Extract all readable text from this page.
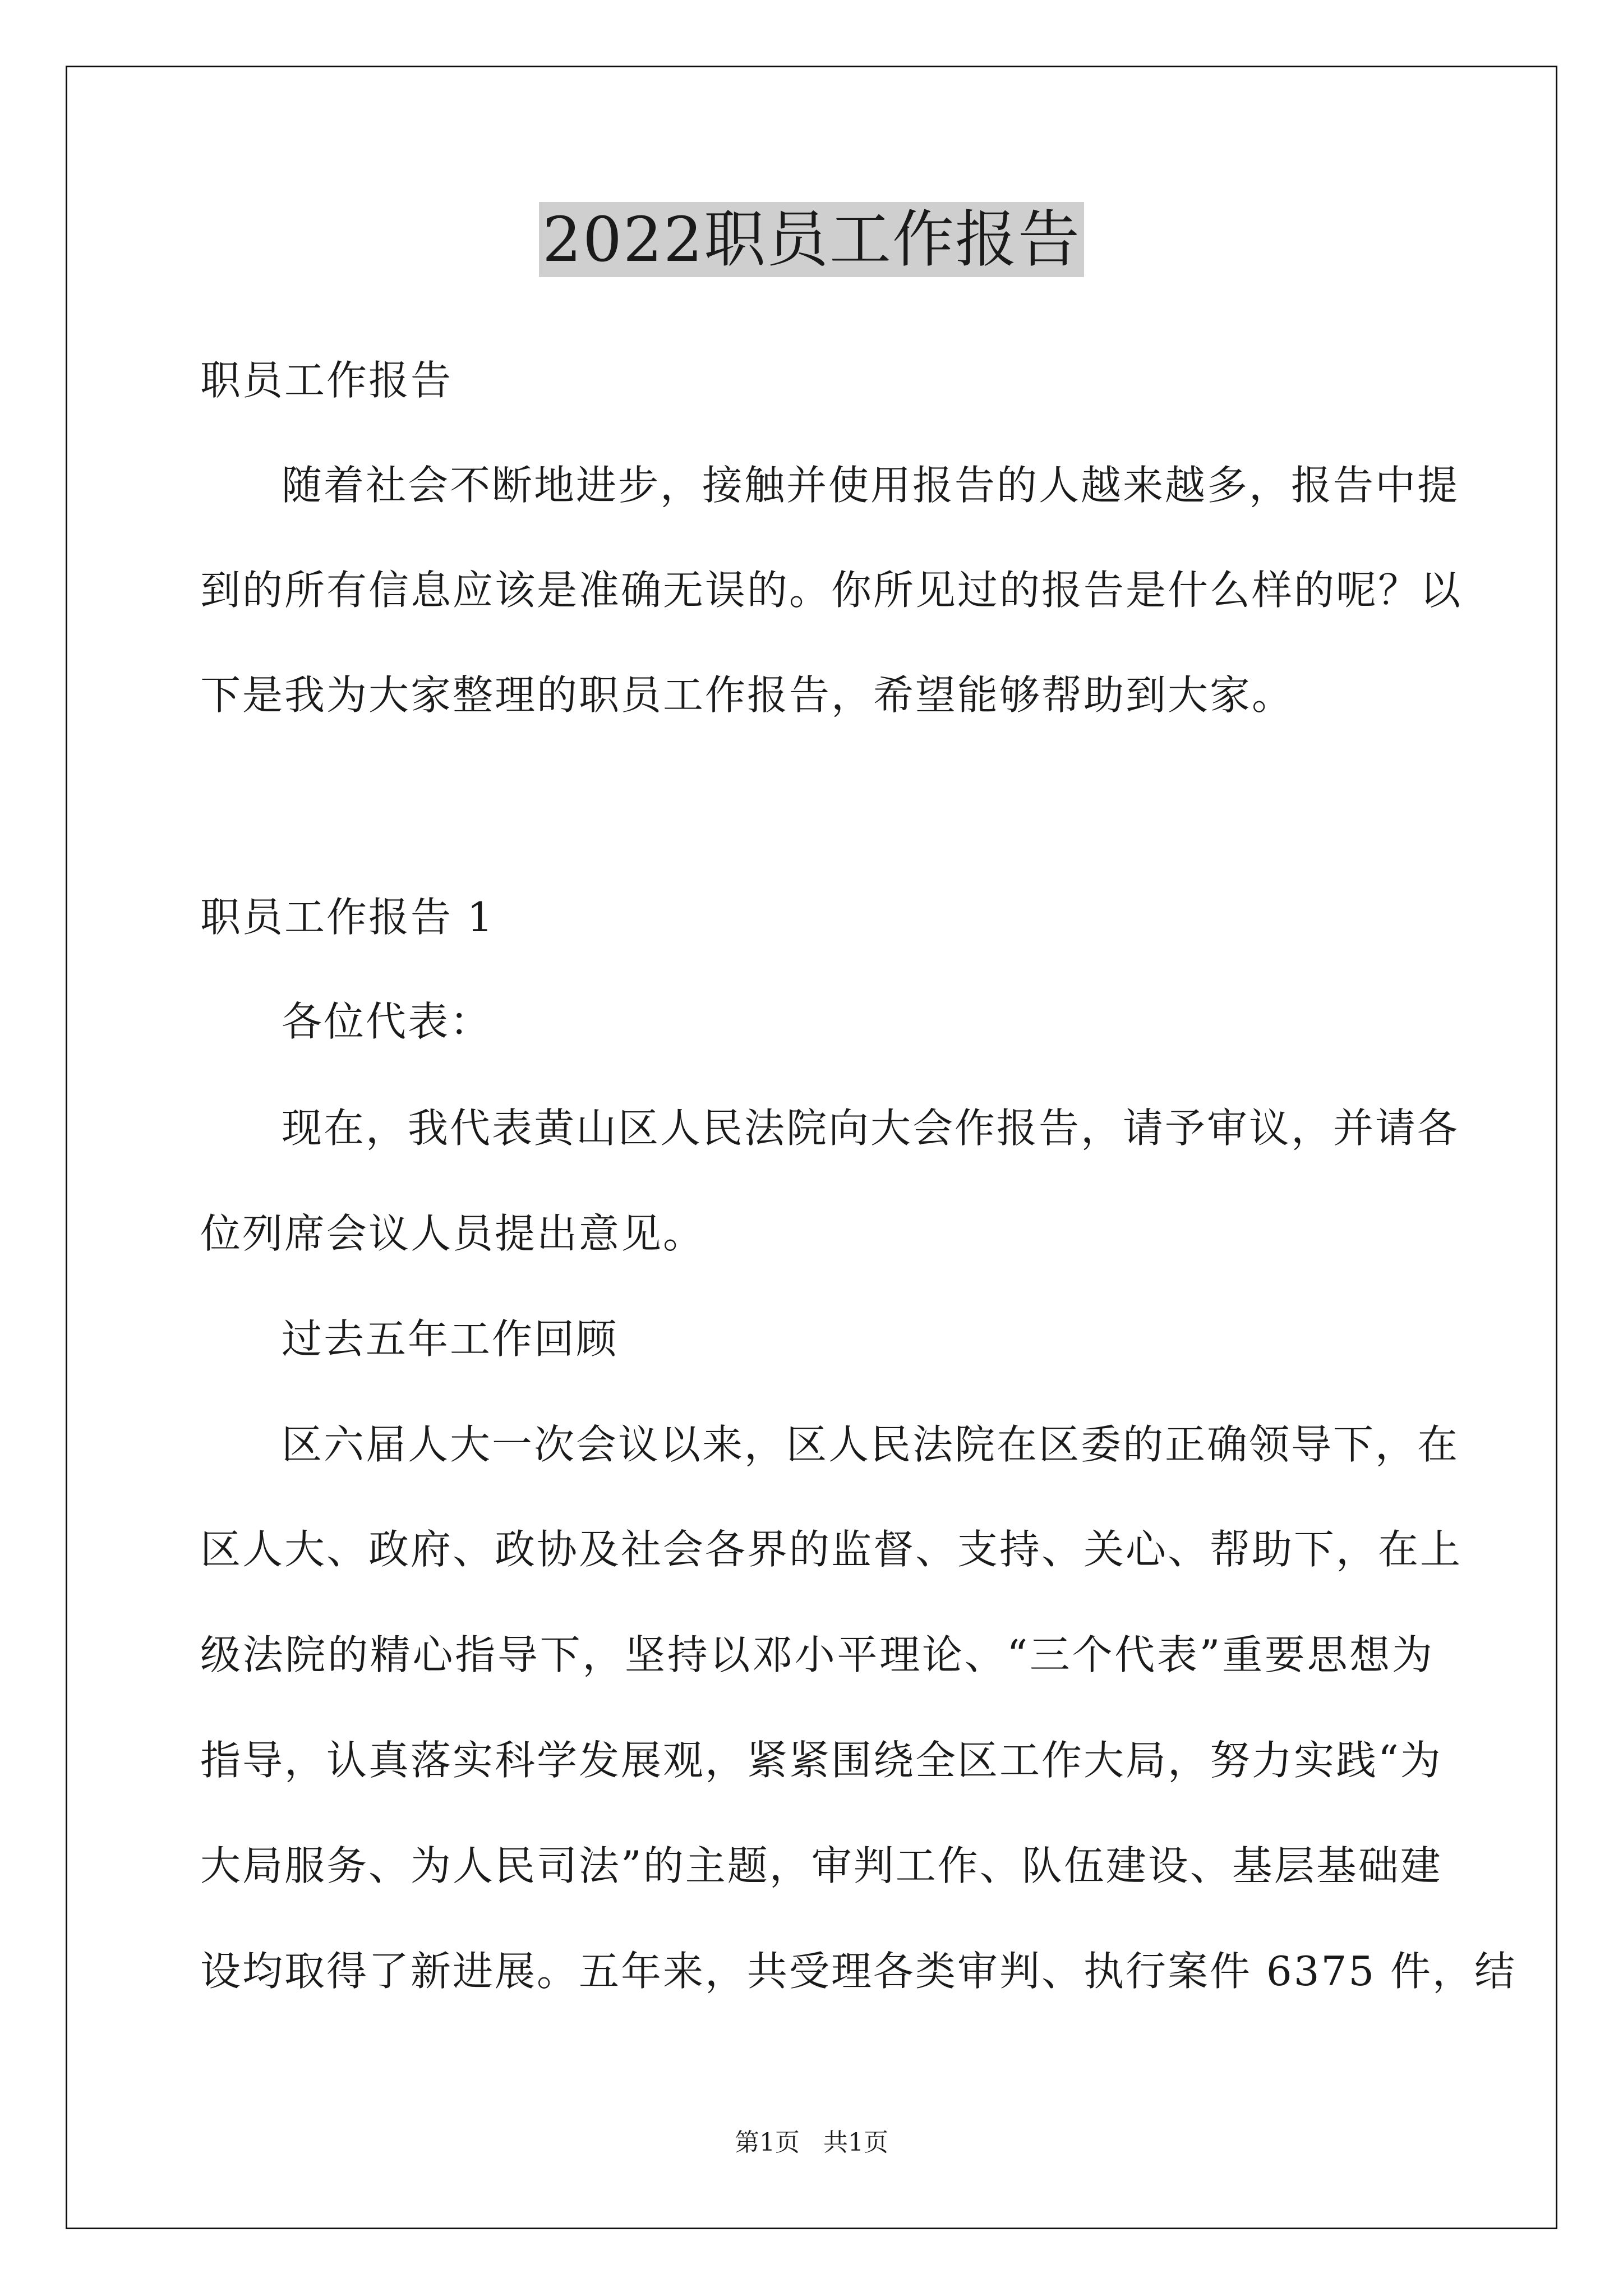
2022职员工作报告
职员工作报告
随着社会不断地进步，接触并使用报告的人越来越多，报告中提
到的所有信息应该是准确无误的。你所见过的报告是什么样的呢？以
下是我为大家整理的职员工作报告，希望能够帮助到大家。
职员工作报告 1
各位代表：
现在，我代表黄山区人民法院向大会作报告，请予审议，并请各
位列席会议人员提出意见。
过去五年工作回顾
区六届人大一次会议以来，区人民法院在区委的正确领导下，在
区人大、政府、政协及社会各界的监督、支持、关心、帮助下，在上
级法院的精心指导下，坚持以邓小平理论、“三个代表”重要思想为
指导，认真落实科学发展观，紧紧围绕全区工作大局，努力实践“为
大局服务、为人民司法”的主题，审判工作、队伍建设、基层基础建
设均取得了新进展。五年来，共受理各类审判、执行案件 6375 件，结
第1页   共1页
